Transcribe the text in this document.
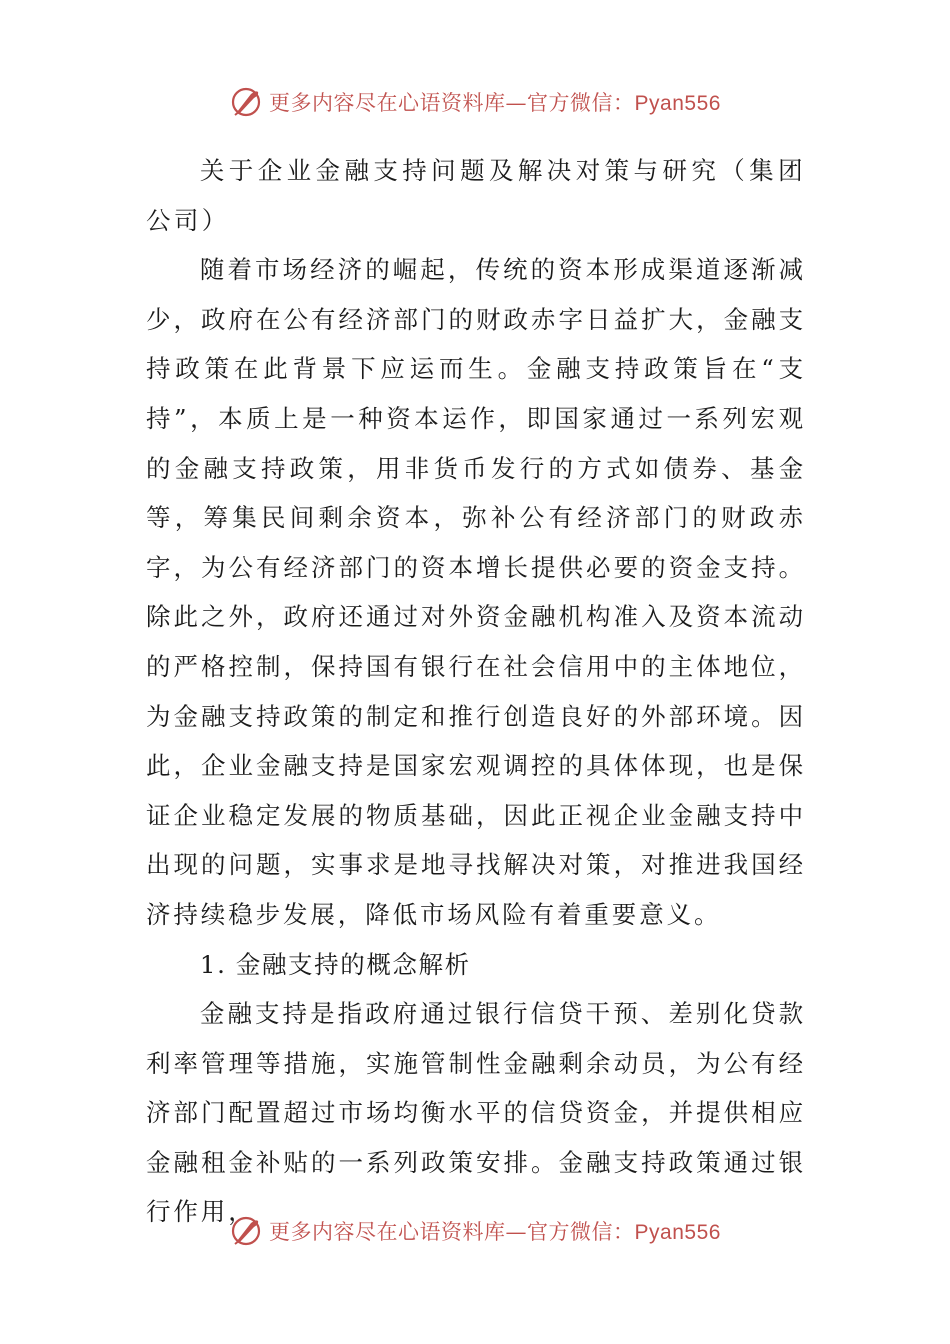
更多内容尽在心语资料库—官方微信：Pyan556

关于企业金融支持问题及解决对策与研究（集团公司）

随着市场经济的崛起，传统的资本形成渠道逐渐减少，政府在公有经济部门的财政赤字日益扩大，金融支持政策在此背景下应运而生。金融支持政策旨在“支持”，本质上是一种资本运作，即国家通过一系列宏观的金融支持政策，用非货币发行的方式如债券、基金等，筹集民间剩余资本，弥补公有经济部门的财政赤字，为公有经济部门的资本增长提供必要的资金支持。除此之外，政府还通过对外资金融机构准入及资本流动的严格控制，保持国有银行在社会信用中的主体地位，为金融支持政策的制定和推行创造良好的外部环境。因此，企业金融支持是国家宏观调控的具体体现，也是保证企业稳定发展的物质基础，因此正视企业金融支持中出现的问题，实事求是地寻找解决对策，对推进我国经济持续稳步发展，降低市场风险有着重要意义。

1. 金融支持的概念解析

金融支持是指政府通过银行信贷干预、差别化贷款利率管理等措施，实施管制性金融剩余动员，为公有经济部门配置超过市场均衡水平的信贷资金，并提供相应金融租金补贴的一系列政策安排。金融支持政策通过银行作用，

更多内容尽在心语资料库—官方微信：Pyan556
